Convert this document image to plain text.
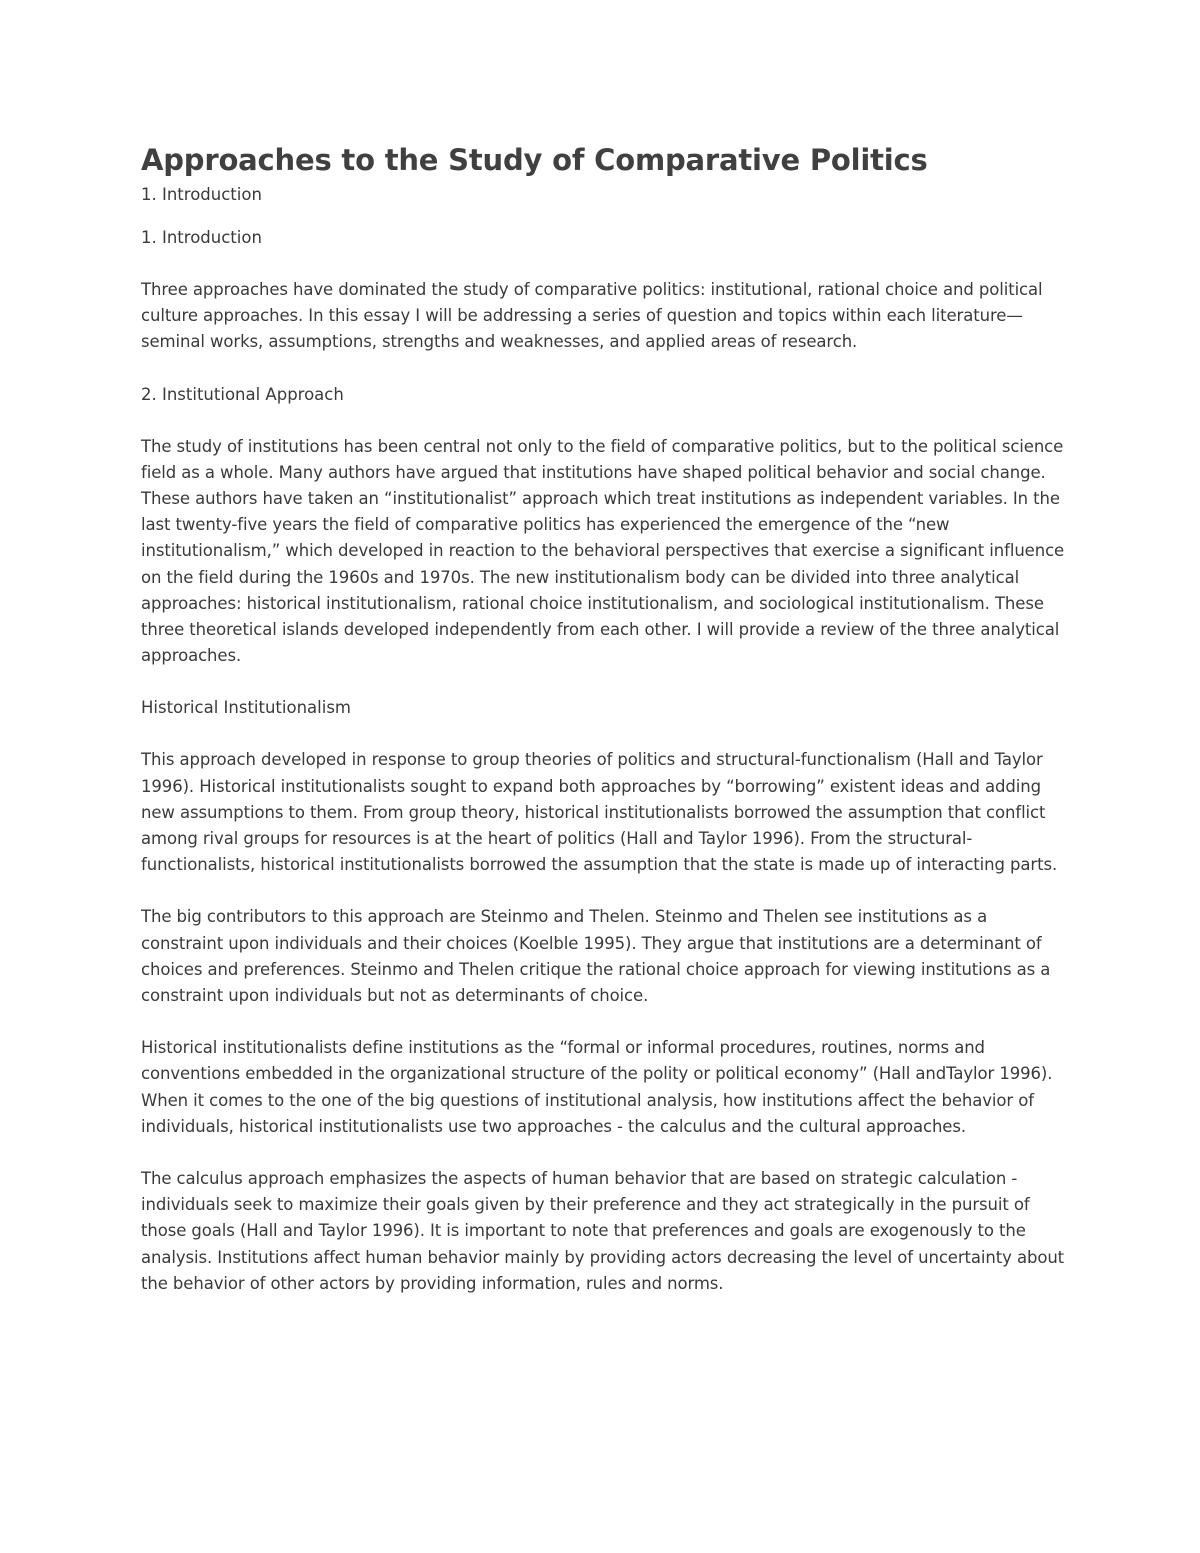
Approaches to the Study of Comparative Politics

1. Introduction

1. Introduction

Three approaches have dominated the study of comparative politics: institutional, rational choice and political culture approaches. In this essay I will be addressing a series of question and topics within each literature—seminal works, assumptions, strengths and weaknesses, and applied areas of research.

2. Institutional Approach

The study of institutions has been central not only to the field of comparative politics, but to the political science field as a whole. Many authors have argued that institutions have shaped political behavior and social change. These authors have taken an “institutionalist” approach which treat institutions as independent variables. In the last twenty-five years the field of comparative politics has experienced the emergence of the “new institutionalism,” which developed in reaction to the behavioral perspectives that exercise a significant influence on the field during the 1960s and 1970s. The new institutionalism body can be divided into three analytical approaches: historical institutionalism, rational choice institutionalism, and sociological institutionalism. These three theoretical islands developed independently from each other. I will provide a review of the three analytical approaches.

Historical Institutionalism

This approach developed in response to group theories of politics and structural-functionalism (Hall and Taylor 1996). Historical institutionalists sought to expand both approaches by “borrowing” existent ideas and adding new assumptions to them. From group theory, historical institutionalists borrowed the assumption that conflict among rival groups for resources is at the heart of politics (Hall and Taylor 1996). From the structural-functionalists, historical institutionalists borrowed the assumption that the state is made up of interacting parts.

The big contributors to this approach are Steinmo and Thelen. Steinmo and Thelen see institutions as a constraint upon individuals and their choices (Koelble 1995). They argue that institutions are a determinant of choices and preferences. Steinmo and Thelen critique the rational choice approach for viewing institutions as a constraint upon individuals but not as determinants of choice.

Historical institutionalists define institutions as the “formal or informal procedures, routines, norms and conventions embedded in the organizational structure of the polity or political economy” (Hall andTaylor 1996). When it comes to the one of the big questions of institutional analysis, how institutions affect the behavior of individuals, historical institutionalists use two approaches - the calculus and the cultural approaches.

The calculus approach emphasizes the aspects of human behavior that are based on strategic calculation - individuals seek to maximize their goals given by their preference and they act strategically in the pursuit of those goals (Hall and Taylor 1996). It is important to note that preferences and goals are exogenously to the analysis. Institutions affect human behavior mainly by providing actors decreasing the level of uncertainty about the behavior of other actors by providing information, rules and norms.
